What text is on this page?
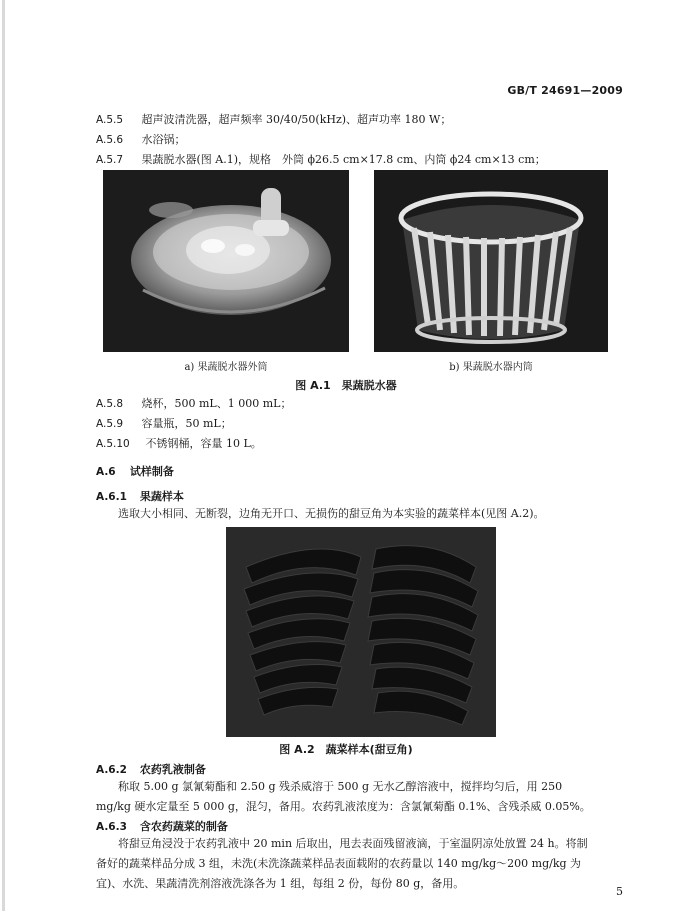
GB/T 24691—2009
A.5.5 超声波清洗器，超声频率 30/40/50(kHz)、超声功率 180 W；
A.5.6 水浴锅；
A.5.7 果蔬脱水器(图 A.1)，规格　外筒 ϕ26.5 cm×17.8 cm、内筒 ϕ24 cm×13 cm；
a) 果蔬脱水器外筒	b) 果蔬脱水器内筒
图 A.1　果蔬脱水器
A.5.8 烧杯，500 mL、1 000 mL；
A.5.9 容量瓶，50 mL；
A.5.10 不锈钢桶，容量 10 L。
A.6 试样制备
A.6.1 果蔬样本
选取大小相同、无断裂，边角无开口、无损伤的甜豆角为本实验的蔬菜样本(见图 A.2)。
图 A.2　蔬菜样本(甜豆角)
A.6.2 农药乳液制备
称取 5.00 g 氯氰菊酯和 2.50 g 残杀威溶于 500 g 无水乙醇溶液中，搅拌均匀后，用 250 mg/kg 硬水定量至 5 000 g，混匀，备用。农药乳液浓度为：含氯氰菊酯 0.1%、含残杀威 0.05%。
A.6.3 含农药蔬菜的制备
将甜豆角浸没于农药乳液中 20 min 后取出，甩去表面残留液滴，于室温阴凉处放置 24 h。将制备好的蔬菜样品分成 3 组，未洗(未洗涤蔬菜样品表面载附的农药量以 140 mg/kg～200 mg/kg 为宜)、水洗、果蔬清洗剂溶液洗涤各为 1 组，每组 2 份，每份 80 g，备用。
5
